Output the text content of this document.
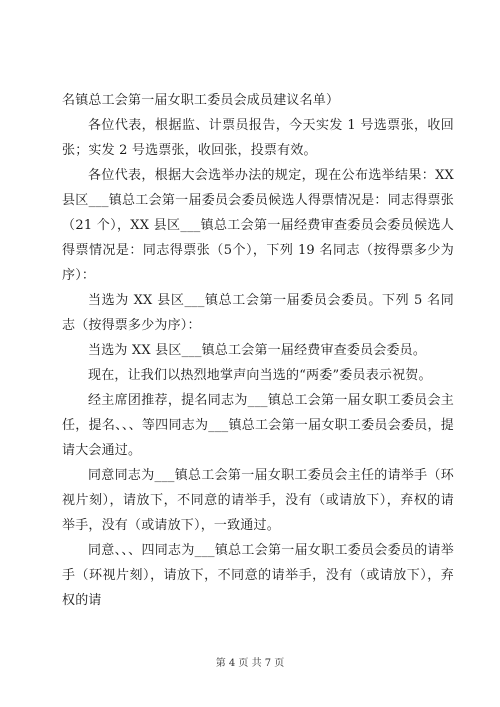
名镇总工会第一届女职工委员会成员建议名单）

各位代表，根据监、计票员报告，今天实发 1 号选票张，收回张；实发 2 号选票张，收回张，投票有效。

各位代表，根据大会选举办法的规定，现在公布选举结果：XX 县区___镇总工会第一届委员会委员候选人得票情况是：同志得票张（21 个），XX 县区___镇总工会第一届经费审查委员会委员候选人得票情况是：同志得票张（5个），下列 19 名同志（按得票多少为序）：

当选为 XX 县区___镇总工会第一届委员会委员。下列 5 名同志（按得票多少为序）：

当选为 XX 县区___镇总工会第一届经费审查委员会委员。

现在，让我们以热烈地掌声向当选的“两委”委员表示祝贺。

经主席团推荐，提名同志为___镇总工会第一届女职工委员会主任，提名、、、等四同志为___镇总工会第一届女职工委员会委员，提请大会通过。

同意同志为___镇总工会第一届女职工委员会主任的请举手（环视片刻），请放下，不同意的请举手，没有（或请放下），弃权的请举手，没有（或请放下），一致通过。

同意、、、四同志为___镇总工会第一届女职工委员会委员的请举手（环视片刻），请放下，不同意的请举手，没有（或请放下），弃权的请

第 4 页 共 7 页
